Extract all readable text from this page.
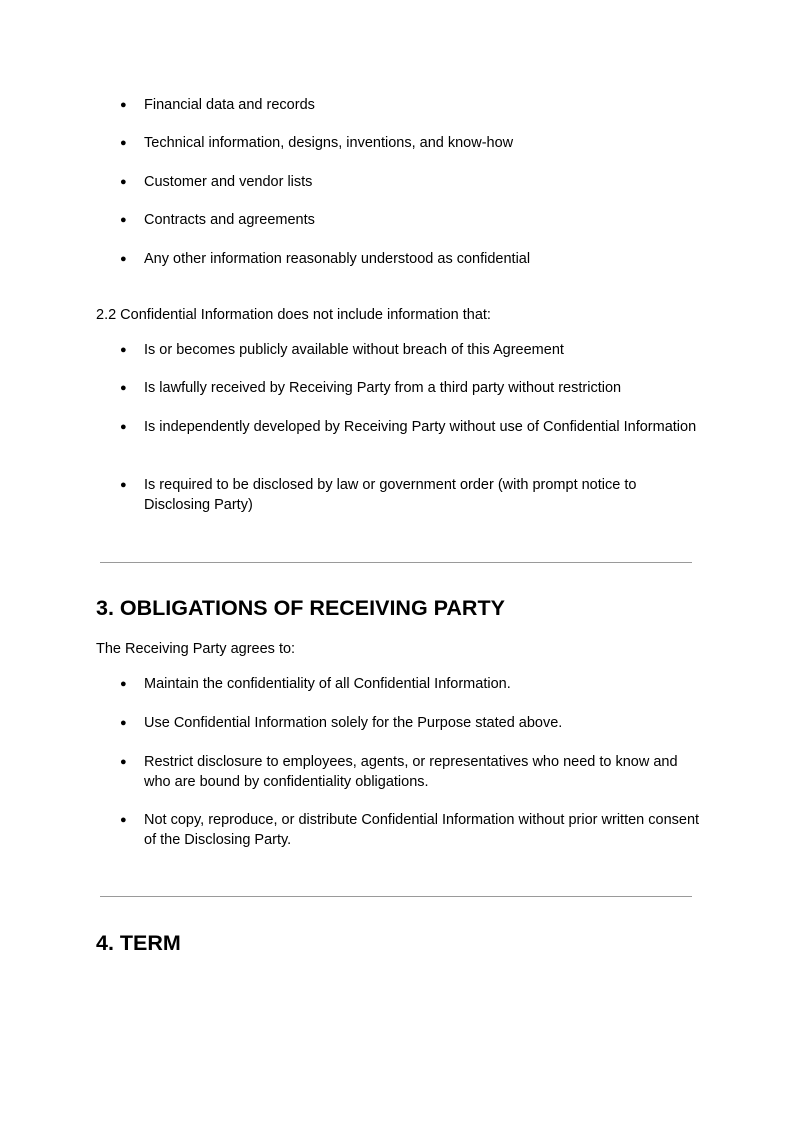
● Financial data and records
● Technical information, designs, inventions, and know-how
● Customer and vendor lists
● Contracts and agreements
● Any other information reasonably understood as confidential

2.2 Confidential Information does not include information that:

● Is or becomes publicly available without breach of this Agreement
● Is lawfully received by Receiving Party from a third party without restriction
● Is independently developed by Receiving Party without use of Confidential Information
● Is required to be disclosed by law or government order (with prompt notice to Disclosing Party)
3. OBLIGATIONS OF RECEIVING PARTY

The Receiving Party agrees to:

● Maintain the confidentiality of all Confidential Information.
● Use Confidential Information solely for the Purpose stated above.
● Restrict disclosure to employees, agents, or representatives who need to know and who are bound by confidentiality obligations.
● Not copy, reproduce, or distribute Confidential Information without prior written consent of the Disclosing Party.
4. TERM
